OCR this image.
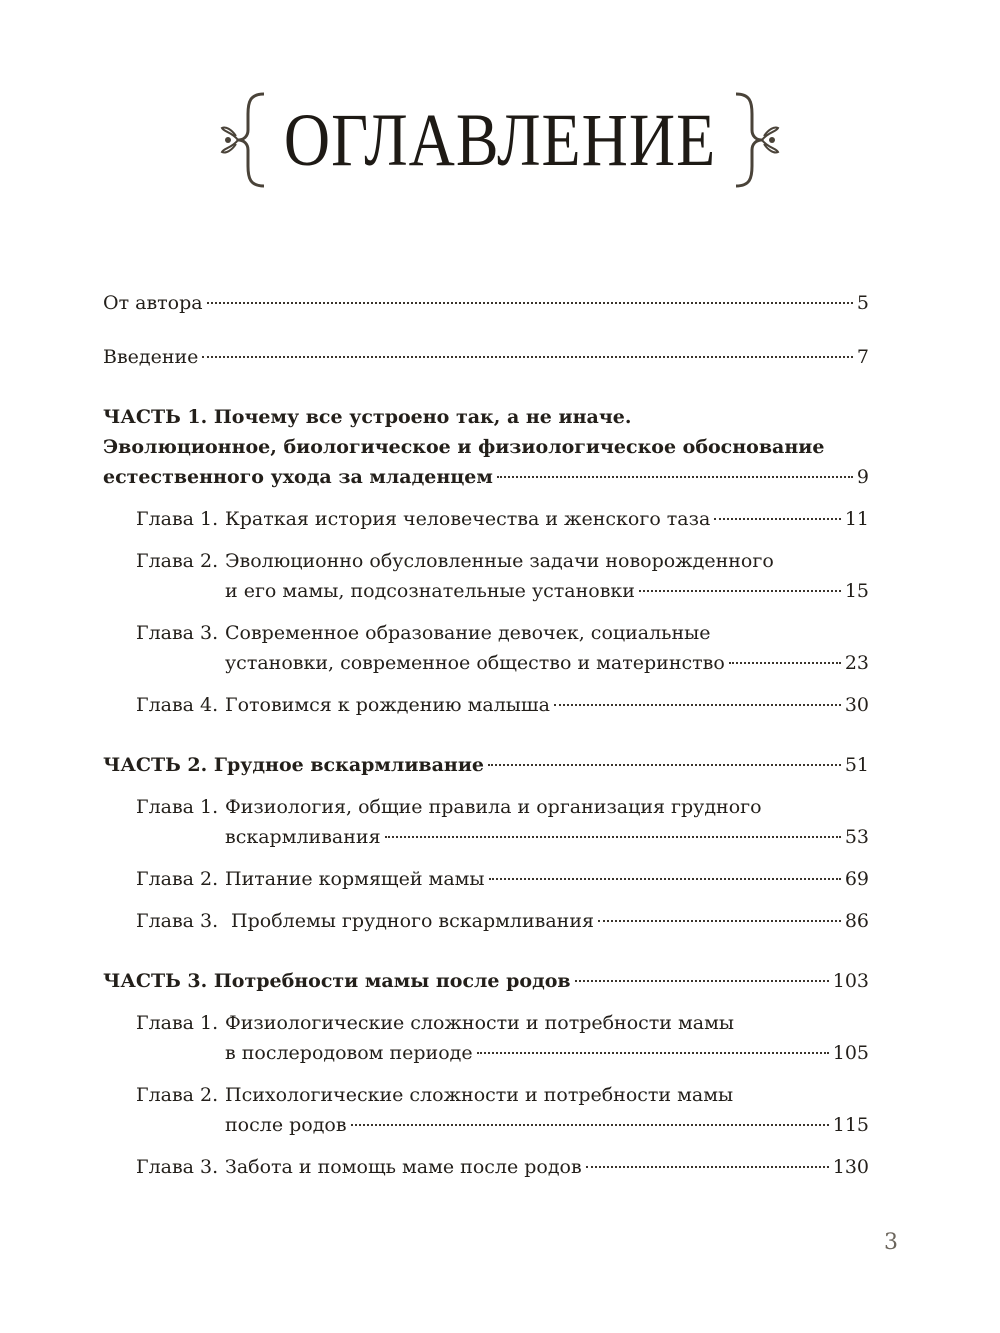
ОГЛАВЛЕНИЕ
От автора	5
Введение	7
ЧАСТЬ 1. Почему все устроено так, а не иначе.
Эволюционное, биологическое и физиологическое обоснование
естественного ухода за младенцем	9
Глава 1. Краткая история человечества и женского таза	11
Глава 2. Эволюционно обусловленные задачи новорожденного
и его мамы, подсознательные установки	15
Глава 3. Современное образование девочек, социальные
установки, современное общество и материнство	23
Глава 4. Готовимся к рождению малыша	30
ЧАСТЬ 2. Грудное вскармливание	51
Глава 1. Физиология, общие правила и организация грудного
вскармливания	53
Глава 2. Питание кормящей мамы	69
Глава 3. Проблемы грудного вскармливания	86
ЧАСТЬ 3. Потребности мамы после родов	103
Глава 1. Физиологические сложности и потребности мамы
в послеродовом периоде	105
Глава 2. Психологические сложности и потребности мамы
после родов	115
Глава 3. Забота и помощь маме после родов	130
3
